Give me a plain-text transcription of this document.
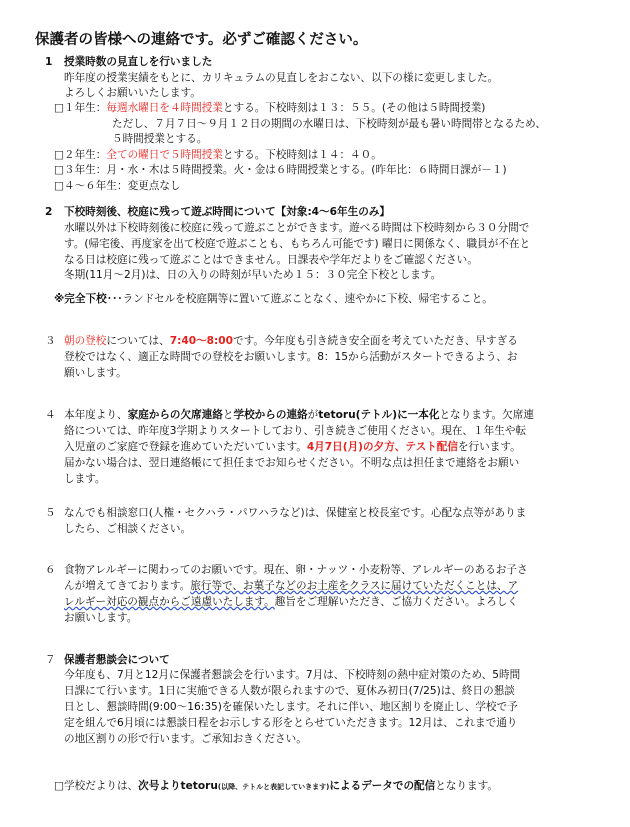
保護者の皆様への連絡です。必ずご確認ください。
1	授業時数の見直しを行いました
昨年度の授業実績をもとに、カリキュラムの見直しをおこない、以下の様に変更しました。
よろしくお願いいたします。
□１年生：毎週水曜日を４時間授業とする。下校時刻は１３：５５。(その他は５時間授業)
ただし、７月７日～９月１２日の期間の水曜日は、下校時刻が最も暑い時間帯となるため、
５時間授業とする。
□２年生：全ての曜日で５時間授業とする。下校時刻は１４：４０。
□３年生：月・水・木は５時間授業。火・金は６時間授業とする。(昨年比：６時間日課が－１)
□４～６年生：変更点なし
2	下校時刻後、校庭に残って遊ぶ時間について【対象:4～6年生のみ】
水曜以外は下校時刻後に校庭に残って遊ぶことができます。遊べる時間は下校時刻から３０分間で
す。(帰宅後、再度家を出て校庭で遊ぶことも、もちろん可能です) 曜日に関係なく、職員が不在と
なる日は校庭に残って遊ぶことはできません。日課表や学年だよりをご確認ください。
冬期(11月～2月)は、日の入りの時刻が早いため１５：３０完全下校とします。
※完全下校･･･ランドセルを校庭隅等に置いて遊ぶことなく、速やかに下校、帰宅すること。
３ 朝の登校については、7:40～8:00です。今年度も引き続き安全面を考えていただき、早すぎる
登校ではなく、適正な時間での登校をお願いします。8：15から活動がスタートできるよう、お
願いします。
４ 本年度より、家庭からの欠席連絡と学校からの連絡がtetoru(テトル)に一本化となります。欠席連
絡については、昨年度3学期よりスタートしており、引き続きご使用ください。現在、１年生や転
入児童のご家庭で登録を進めていただいています。4月7日(月)の夕方、テスト配信を行います。
届かない場合は、翌日連絡帳にて担任までお知らせください。不明な点は担任まで連絡をお願い
します。
５ なんでも相談窓口(人権・セクハラ・パワハラなど)は、保健室と校長室です。心配な点等がありま
したら、ご相談ください。
６ 食物アレルギーに関わってのお願いです。現在、卵・ナッツ・小麦粉等、アレルギーのあるお子さ
んが増えてきております。旅行等で、お菓子などのお土産をクラスに届けていただくことは、ア
レルギー対応の観点からご遠慮いたします。趣旨をご理解いただき、ご協力ください。よろしく
お願いします。
７ 保護者懇談会について
今年度も、7月と12月に保護者懇談会を行います。7月は、下校時刻の熱中症対策のため、5時間
日課にて行います。1日に実施できる人数が限られますので、夏休み初日(7/25)は、終日の懇談
日とし、懇談時間(9:00～16:35)を確保いたします。それに伴い、地区割りを廃止し、学校で予
定を組んで6月頃には懇談日程をお示しする形をとらせていただきます。12月は、これまで通り
の地区割りの形で行います。ご承知おきください。
□学校だよりは、次号よりtetoru(以降、テトルと表記していきます)によるデータでの配信となります。
